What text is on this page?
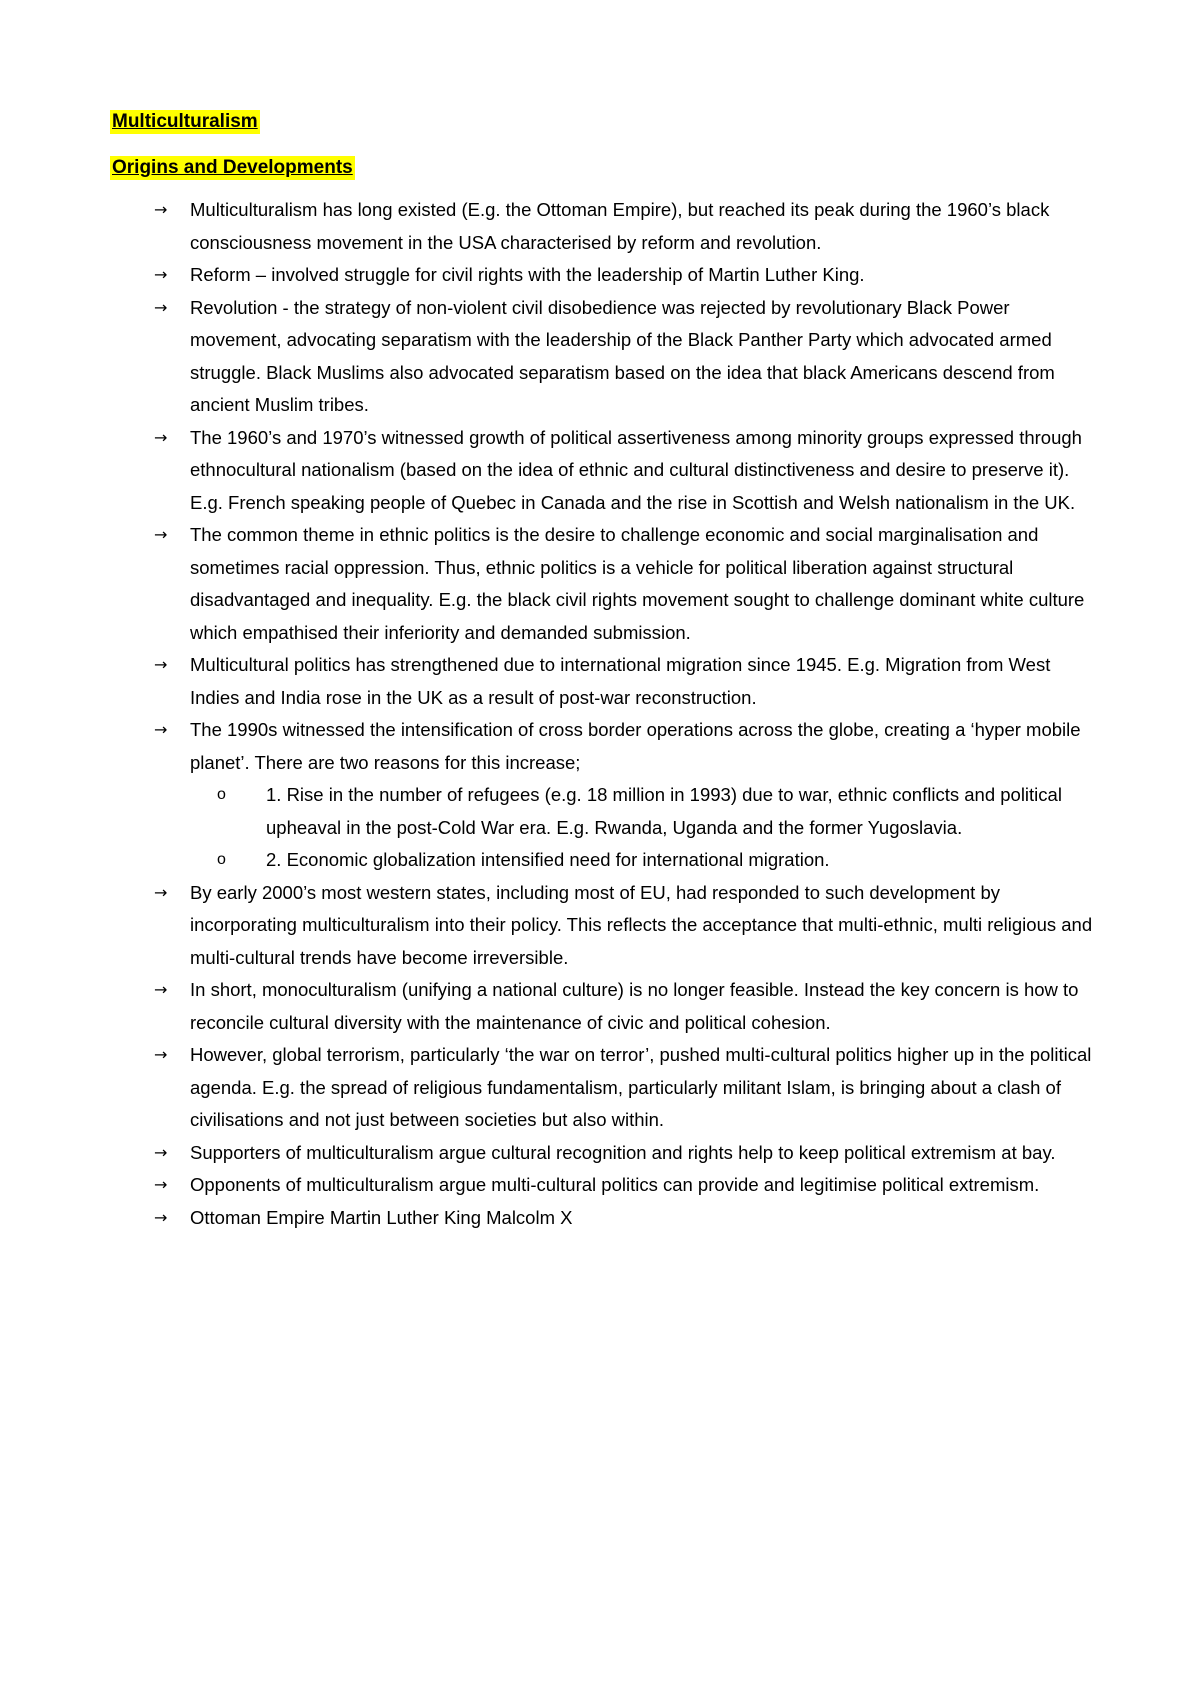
Multiculturalism
Origins and Developments
→ Multiculturalism has long existed (E.g. the Ottoman Empire), but reached its peak during the 1960’s black consciousness movement in the USA characterised by reform and revolution.
→ Reform – involved struggle for civil rights with the leadership of Martin Luther King.
→ Revolution - the strategy of non-violent civil disobedience was rejected by revolutionary Black Power movement, advocating separatism with the leadership of the Black Panther Party which advocated armed struggle. Black Muslims also advocated separatism based on the idea that black Americans descend from ancient Muslim tribes.
→ The 1960’s and 1970’s witnessed growth of political assertiveness among minority groups expressed through ethnocultural nationalism (based on the idea of ethnic and cultural distinctiveness and desire to preserve it). E.g. French speaking people of Quebec in Canada and the rise in Scottish and Welsh nationalism in the UK.
→ The common theme in ethnic politics is the desire to challenge economic and social marginalisation and sometimes racial oppression. Thus, ethnic politics is a vehicle for political liberation against structural disadvantaged and inequality. E.g. the black civil rights movement sought to challenge dominant white culture which empathised their inferiority and demanded submission.
→ Multicultural politics has strengthened due to international migration since 1945. E.g. Migration from West Indies and India rose in the UK as a result of post-war reconstruction.
→ The 1990s witnessed the intensification of cross border operations across the globe, creating a ‘hyper mobile planet’. There are two reasons for this increase;
o 1. Rise in the number of refugees (e.g. 18 million in 1993) due to war, ethnic conflicts and political upheaval in the post-Cold War era. E.g. Rwanda, Uganda and the former Yugoslavia.
o 2. Economic globalization intensified need for international migration.
→ By early 2000’s most western states, including most of EU, had responded to such development by incorporating multiculturalism into their policy. This reflects the acceptance that multi-ethnic, multi religious and multi-cultural trends have become irreversible.
→ In short, monoculturalism (unifying a national culture) is no longer feasible. Instead the key concern is how to reconcile cultural diversity with the maintenance of civic and political cohesion.
→ However, global terrorism, particularly ‘the war on terror’, pushed multi-cultural politics higher up in the political agenda. E.g. the spread of religious fundamentalism, particularly militant Islam, is bringing about a clash of civilisations and not just between societies but also within.
→ Supporters of multiculturalism argue cultural recognition and rights help to keep political extremism at bay.
→ Opponents of multiculturalism argue multi-cultural politics can provide and legitimise political extremism.
→ Ottoman Empire Martin Luther King Malcolm X
